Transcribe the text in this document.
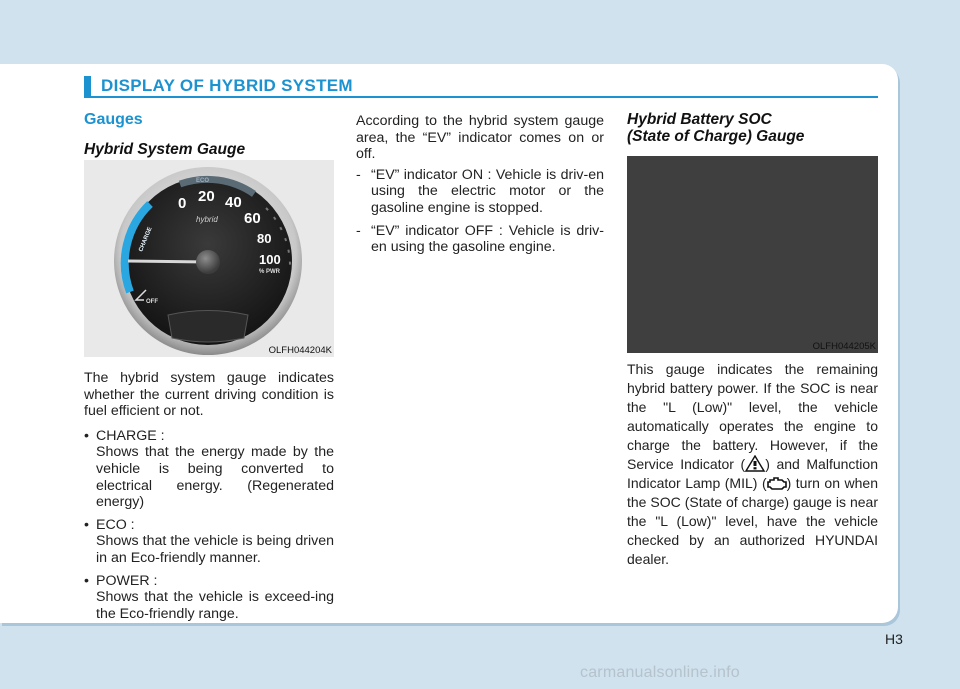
DISPLAY OF HYBRID SYSTEM
Gauges
Hybrid System Gauge
0 20 40
60
80
100
% PWR
hybrid
ECO
OFF
CHARGE
OLFH044204K

The hybrid system gauge indicates whether the current driving condition is fuel efficient or not.

• CHARGE :

Shows that the energy made by the vehicle is being converted to electrical energy. (Regenerated energy)

• ECO :

Shows that the vehicle is being driven in an Eco-friendly manner.

• POWER :

Shows that the vehicle is exceed-ing the Eco-friendly range.

According to the hybrid system gauge area, the “EV” indicator comes on or off.

- “EV” indicator ON : Vehicle is driv-en using the electric motor or the gasoline engine is stopped.

- “EV” indicator OFF : Vehicle is driv-en using the gasoline engine.

Hybrid Battery SOC
(State of Charge) Gauge
OLFH044205K

This gauge indicates the remaining hybrid battery power. If the SOC is near the "L (Low)" level, the vehicle automatically operates the engine to charge the battery. However, if the Service Indicator ( ) and Malfunction Indicator Lamp (MIL) ( ) turn on when the SOC (State of charge) gauge is near the "L (Low)" level, have the vehicle checked by an authorized HYUNDAI dealer.

H3
carmanualsonline.info
